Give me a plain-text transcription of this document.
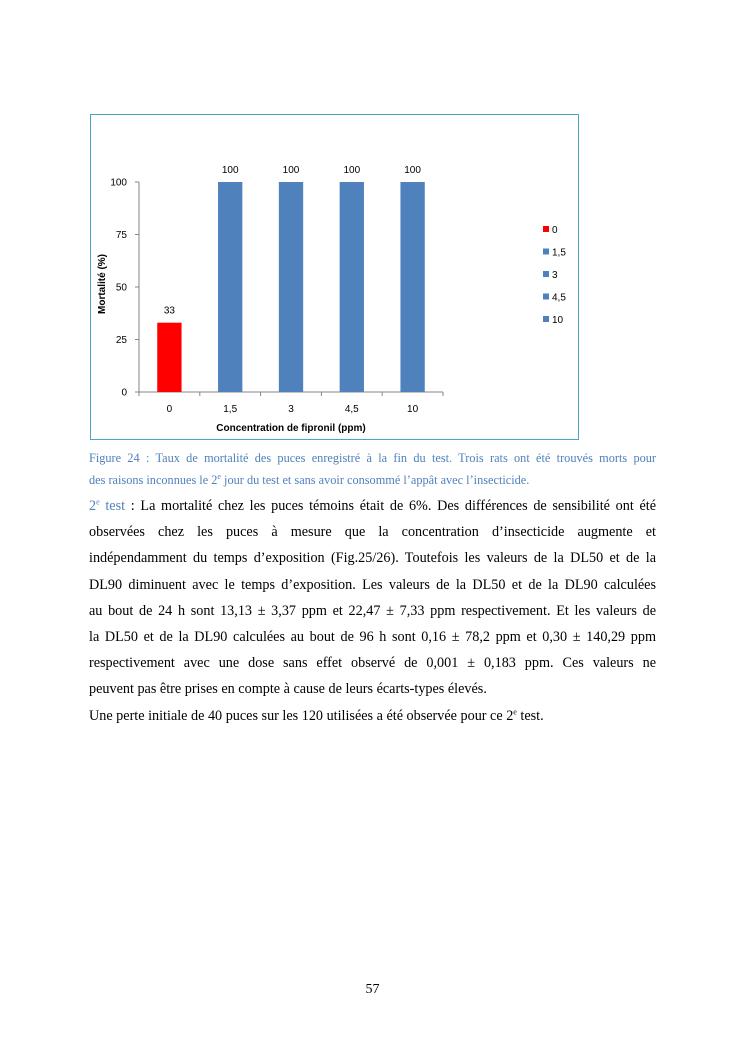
0
25
50
75
100
33
0
100
1,5
100
3
100
4,5
100
10
Concentration de fipronil (ppm)
Mortalité (%)
0
1,5
3
4,5
10
Figure 24 : Taux de mortalité des puces enregistré à la fin du test. Trois rats ont été trouvés morts pour
des raisons inconnues le 2e jour du test et sans avoir consommé l’appât avec l’insecticide.
2e test : La mortalité chez les puces témoins était de 6%. Des différences de sensibilité ont été
observées chez les puces à mesure que la concentration d’insecticide augmente et
indépendamment du temps d’exposition (Fig.25/26). Toutefois les valeurs de la DL50 et de la
DL90 diminuent avec le temps d’exposition. Les valeurs de la DL50 et de la DL90 calculées
au bout de 24 h sont 13,13 ± 3,37 ppm et 22,47 ± 7,33 ppm respectivement. Et les valeurs de
la DL50 et de la DL90 calculées au bout de 96 h sont 0,16 ± 78,2 ppm et 0,30 ± 140,29 ppm
respectivement avec une dose sans effet observé de 0,001 ± 0,183 ppm. Ces valeurs ne
peuvent pas être prises en compte à cause de leurs écarts-types élevés.
Une perte initiale de 40 puces sur les 120 utilisées a été observée pour ce 2e test.
57
